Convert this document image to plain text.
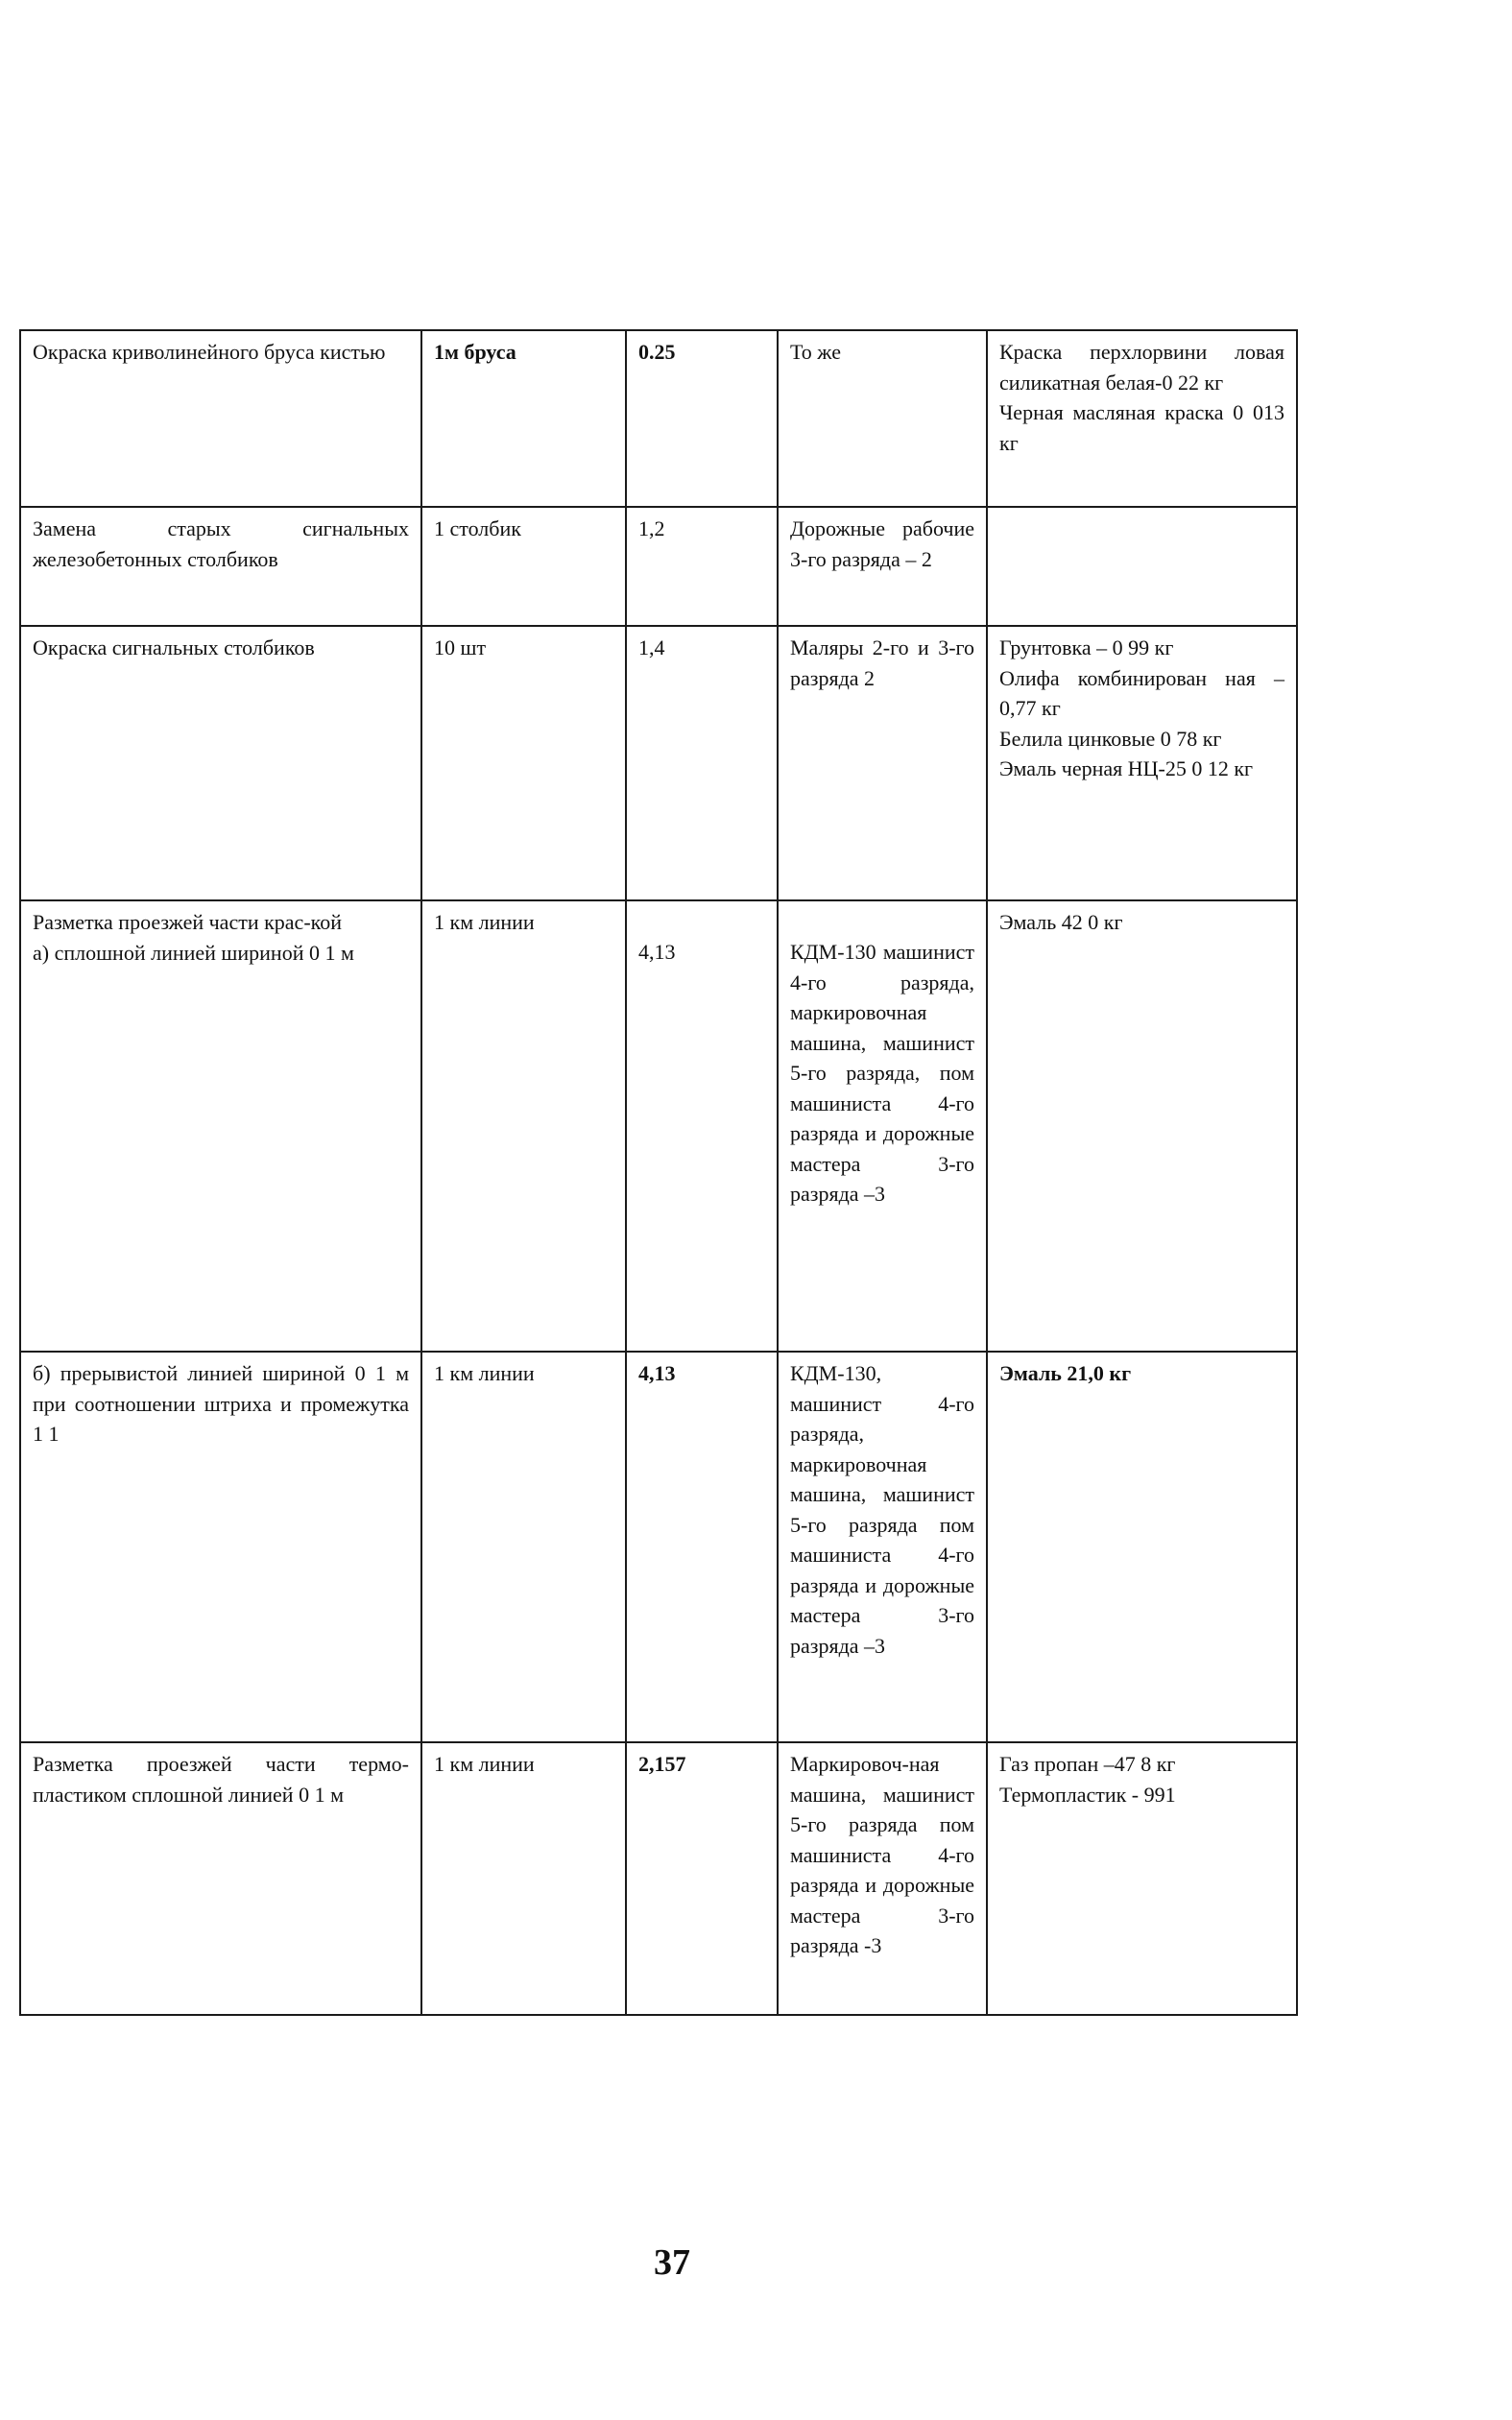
Окраска криволинейного бруса кистью	1м бруса	0.25	То же	Краска перхлорвини ловая силикатная белая-0 22 кг
Черная масляная краска 0 013 кг

Замена старых сигнальных железобетонных столбиков	1 столбик	1,2	Дорожные рабочие 3-го разряда – 2	
Окраска сигнальных столбиков	10 шт	1,4	Маляры 2-го и 3-го разряда 2	Грунтовка – 0 99 кг
Олифа комбинирован ная – 0,77 кг
Белила цинковые 0 78 кг
Эмаль черная НЦ-25 0 12 кг

Разметка проезжей части крас-кой
а) сплошной линией шириной 0 1 м	1 км линии	4,13	КДМ-130 машинист 4-го разряда, маркировочная машина, машинист 5-го разряда, пом машиниста 4-го разряда и дорожные мастера 3-го разряда –3	Эмаль 42 0 кг

б) прерывистой линией шириной 0 1 м при соотношении штриха и промежутка 1 1	1 км линии	4,13	КДМ-130, машинист 4-го разряда, маркировочная машина, машинист 5-го разряда пом машиниста 4-го разряда и дорожные мастера 3-го разряда –3	Эмаль 21,0 кг

Разметка проезжей части термо-пластиком сплошной линией 0 1 м	1 км линии	2,157	Маркировоч-ная машина, машинист 5-го разряда пом машиниста 4-го разряда и дорожные мастера 3-го разряда -3	Газ пропан –47 8 кг
Термопластик - 991
37
